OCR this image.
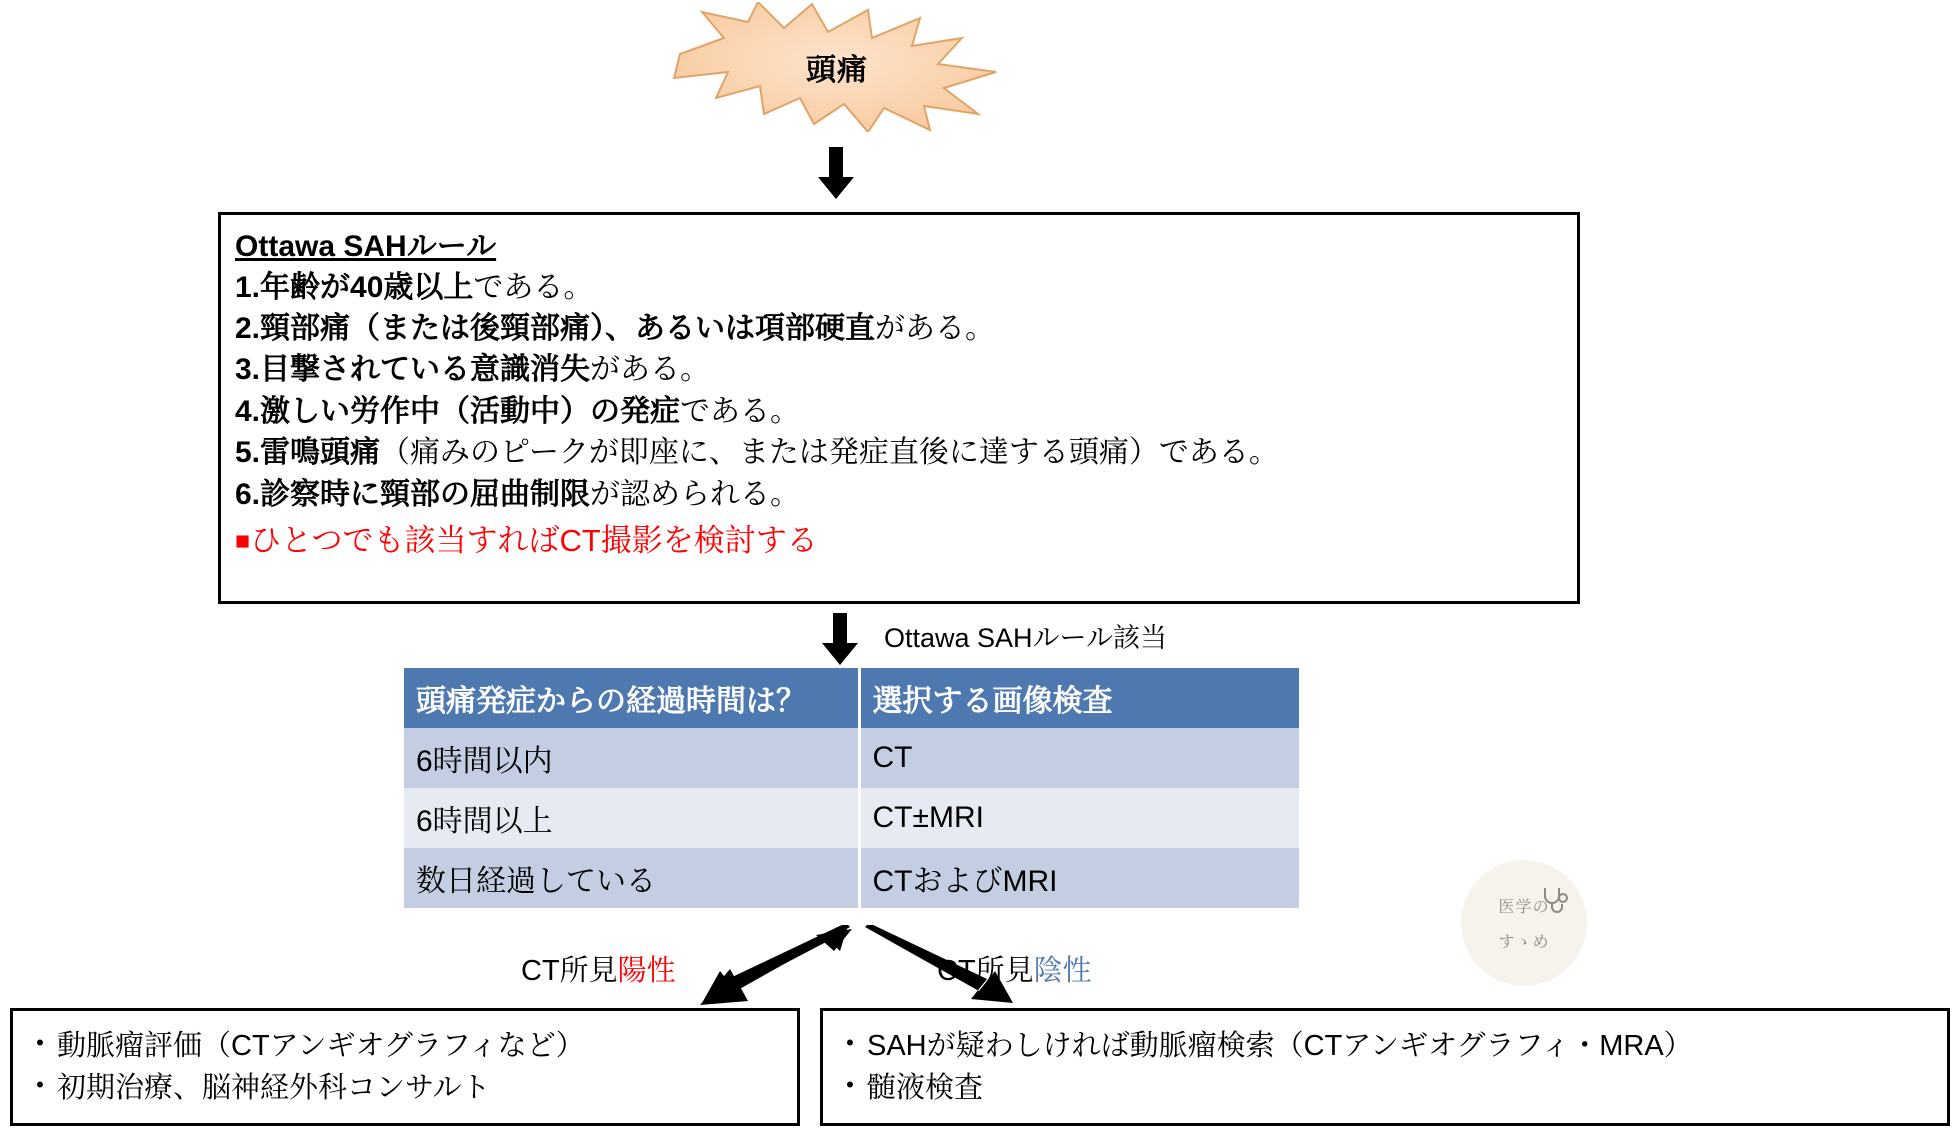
頭痛
Ottawa SAHルール
1.年齢が40歳以上である。
2.頸部痛（または後頸部痛）、あるいは項部硬直がある。
3.目撃されている意識消失がある。
4.激しい労作中（活動中）の発症である。
5.雷鳴頭痛（痛みのピークが即座に、または発症直後に達する頭痛）である。
6.診察時に頸部の屈曲制限が認められる。
■ひとつでも該当すればCT撮影を検討する
Ottawa SAHルール該当
頭痛発症からの経過時間は？	選択する画像検査
6時間以内	CT
6時間以上	CT±MRI
数日経過している	CTおよびMRI
医学の
すゝめ
CT所見陽性	CT所見陰性
• 動脈瘤評価（CTアンギオグラフィなど）
• 初期治療、脳神経外科コンサルト
• SAHが疑わしければ動脈瘤検索（CTアンギオグラフィ・MRA）
• 髄液検査
